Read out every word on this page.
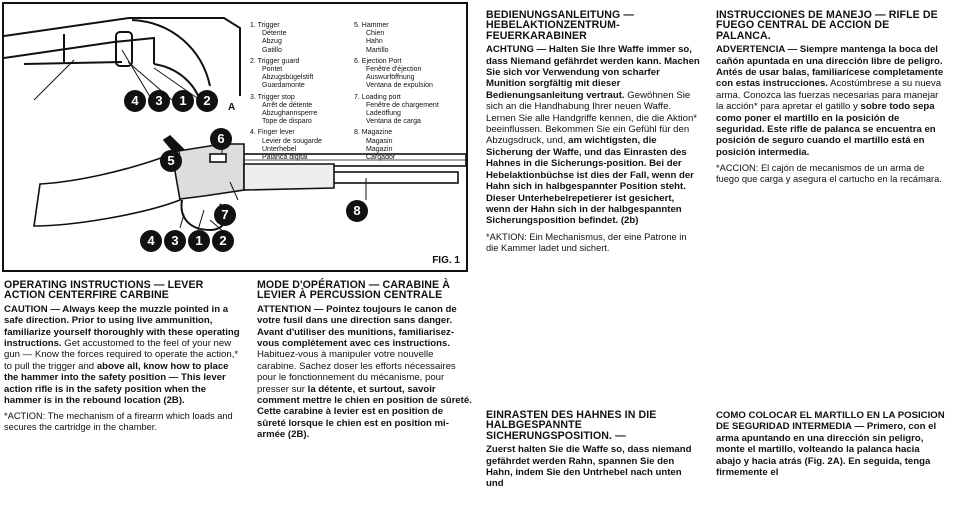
4	3	1	2	A
5
6
7	8
4	3	1	2
1. Trigger
Détente
Abzug
Gatillo
2. Trigger guard
Pontet
Abzugsbügelstift
Guardamonte
3. Trigger stop
Arrêt de détente
Abzughannsperre
Tope de disparo
4. Finger lever
Levier de sougarde
Unterhebel
Palanca digital
5. Hammer
Chien
Hahn
Martillo
6. Ejection Port
Fenêtre d'éjection
Auswurföffnung
Ventana de expulsion
7. Loading port
Fenêtre de chargement
Ladeöffung
Ventana de carga
8. Magazine
Magasin
Magazin
Cargador
FIG. 1
OPERATING INSTRUCTIONS — LEVER ACTION CENTERFIRE CARBINE

CAUTION — Always keep the muzzle pointed in a safe direction. Prior to using live ammunition, familiarize yourself thoroughly with these operating instructions. Get accustomed to the feel of your new gun — Know the forces required to operate the action,* to pull the trigger and above all, know how to place the hammer into the safety position — This lever action rifle is in the safety position when the hammer is in the rebound location (2B).

*ACTION: The mechanism of a firearm which loads and secures the cartridge in the chamber.

MODE D'OPÉRATION — CARABINE À LEVIER À PERCUSSION CENTRALE

ATTENTION — Pointez toujours le canon de votre fusil dans une direction sans danger. Avant d'utiliser des munitions, familiarisez-vous complètement avec ces instructions. Habituez-vous à manipuler votre nouvelle carabine. Sachez doser les efforts nécessaires pour le fonctionnement du mécanisme, pour presser sur la détente, et surtout, savoir comment mettre le chien en position de sûreté. Cette carabine à levier est en position de sûreté lorsque le chien est en position mi-armée (2B).

BEDIENUNGSANLEITUNG — HEBELAKTIONZENTRUM-FEUERKARABINER

ACHTUNG — Halten Sie Ihre Waffe immer so, dass Niemand gefährdet werden kann. Machen Sie sich vor Verwendung von scharfer Munition sorgfältig mit dieser Bedienungsanleitung vertraut. Gewöhnen Sie sich an die Handhabung Ihrer neuen Waffe. Lernen Sie alle Handgriffe kennen, die die Aktion* beeinflussen. Bekommen Sie ein Gefühl für den Abzugsdruck, und, am wichtigsten, die Sicherung der Waffe, und das Einrasten des Hahnes in die Sicherungs-position. Bei der Hebelaktionbüchse ist dies der Fall, wenn der Hahn sich in halbgespannter Position steht. Dieser Unterhebelrepetierer ist gesichert, wenn der Hahn sich in der halbgespannten Sicherungsposition befindet. (2b)

*AKTION: Ein Mechanismus, der eine Patrone in die Kammer ladet und sichert.

EINRASTEN DES HAHNES IN DIE HALBGESPANNTE SICHERUNGSPOSITION. —

Zuerst halten Sie die Waffe so, dass niemand gefährdet werden Rahn, spannen Sie den Hahn, indem Sie den Untrhebel nach unten und

INSTRUCCIONES DE MANEJO — RIFLE DE FUEGO CENTRAL DE ACCION DE PALANCA.

ADVERTENCIA — Siempre mantenga la boca del cañón apuntada en una dirección libre de peligro. Antés de usar balas, familiarícese completamente con estas instrucciones. Acostúmbrese a su nueva arma. Conozca las fuerzas necesarias para manejar la acción* para apretar el gatillo y sobre todo sepa como poner el martillo en la posición de seguridad. Este rifle de palanca se encuentra en posición de seguro cuando el martillo está en posición intermedia.

*ACCION: El cajón de mecanismos de un arma de fuego que carga y asegura el cartucho en la recámara.

COMO COLOCAR EL MARTILLO EN LA POSICION DE SEGURIDAD INTERMEDIA — Primero, con el arma apuntando en una dirección sin peligro, monte el martillo, volteando la palanca hacia abajo y hacia atrás (Fig. 2A). En seguida, tenga firmemente el
